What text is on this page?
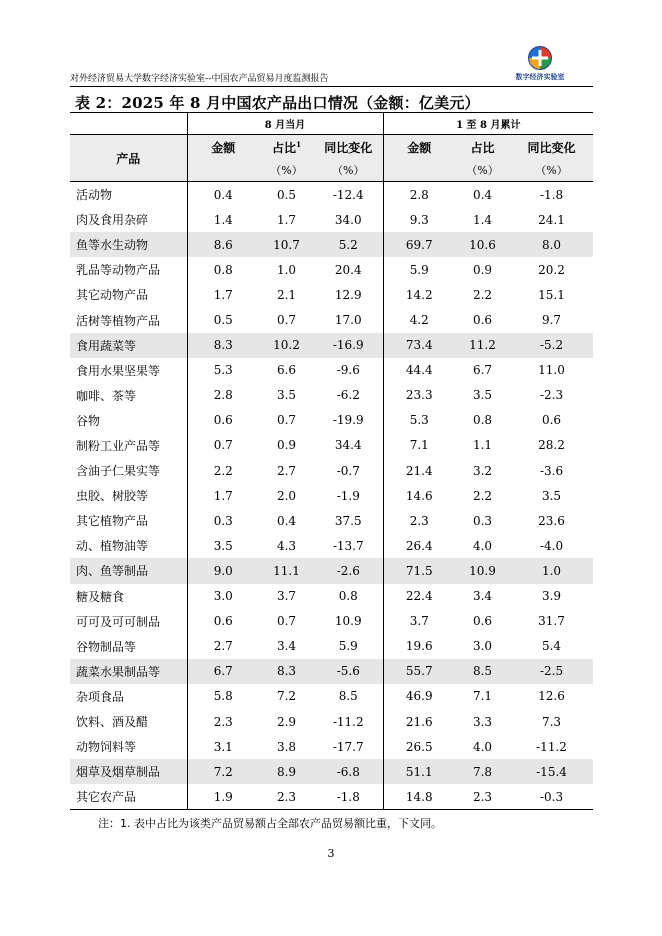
对外经济贸易大学数字经济实验室--中国农产品贸易月度监测报告	数字经济实验室
表 2：2025 年 8 月中国农产品出口情况（金额：亿美元）
	8 月当月			1 至 8 月累计		
产品	金额	占比$^1$	同比变化	金额	占比	同比变化
		（%）	（%）		（%）	（%）
活动物	0.4	0.5	-12.4	2.8	0.4	-1.8
肉及食用杂碎	1.4	1.7	34.0	9.3	1.4	24.1
鱼等水生动物	8.6	10.7	5.2	69.7	10.6	8.0
乳品等动物产品	0.8	1.0	20.4	5.9	0.9	20.2
其它动物产品	1.7	2.1	12.9	14.2	2.2	15.1
活树等植物产品	0.5	0.7	17.0	4.2	0.6	9.7
食用蔬菜等	8.3	10.2	-16.9	73.4	11.2	-5.2
食用水果坚果等	5.3	6.6	-9.6	44.4	6.7	11.0
咖啡、茶等	2.8	3.5	-6.2	23.3	3.5	-2.3
谷物	0.6	0.7	-19.9	5.3	0.8	0.6
制粉工业产品等	0.7	0.9	34.4	7.1	1.1	28.2
含油子仁果实等	2.2	2.7	-0.7	21.4	3.2	-3.6
虫胶、树胶等	1.7	2.0	-1.9	14.6	2.2	3.5
其它植物产品	0.3	0.4	37.5	2.3	0.3	23.6
动、植物油等	3.5	4.3	-13.7	26.4	4.0	-4.0
肉、鱼等制品	9.0	11.1	-2.6	71.5	10.9	1.0
糖及糖食	3.0	3.7	0.8	22.4	3.4	3.9
可可及可可制品	0.6	0.7	10.9	3.7	0.6	31.7
谷物制品等	2.7	3.4	5.9	19.6	3.0	5.4
蔬菜水果制品等	6.7	8.3	-5.6	55.7	8.5	-2.5
杂项食品	5.8	7.2	8.5	46.9	7.1	12.6
饮料、酒及醋	2.3	2.9	-11.2	21.6	3.3	7.3
动物饲料等	3.1	3.8	-17.7	26.5	4.0	-11.2
烟草及烟草制品	7.2	8.9	-6.8	51.1	7.8	-15.4
其它农产品	1.9	2.3	-1.8	14.8	2.3	-0.3
注：1. 表中占比为该类产品贸易额占全部农产品贸易额比重，下文同。
3
